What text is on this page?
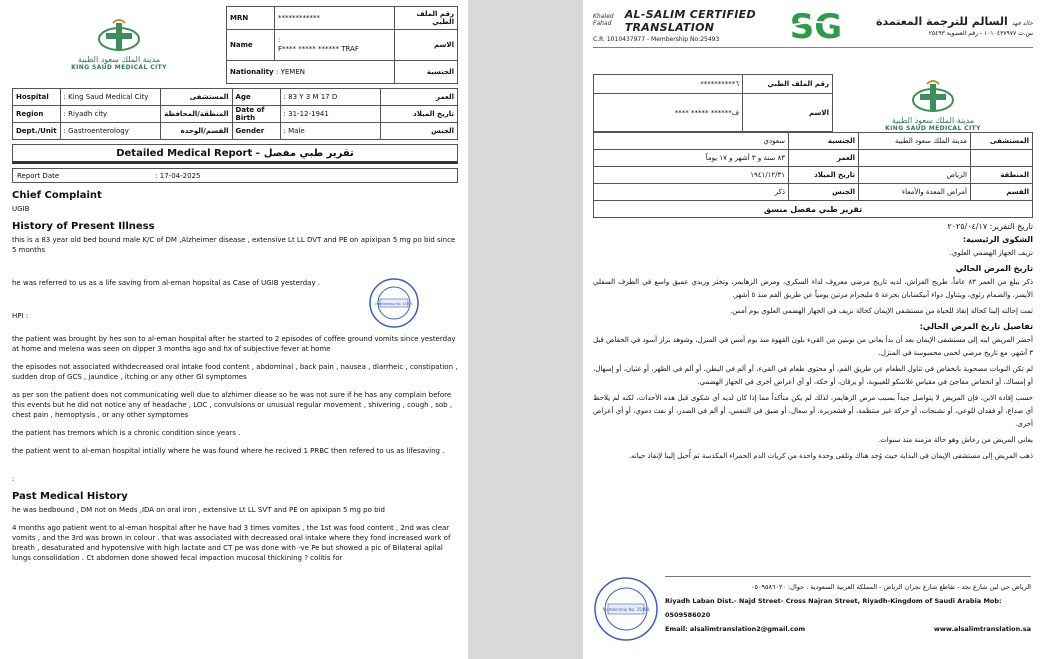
مدينة الملك سعود الطبية
KING SAUD MEDICAL CITY
MRN	************	رقم الملف الطبي
Name	:
F**** ***** ****** TRAF	الاسم
Nationality : YEMEN		الجنسية
Hospital	: King Saud Medical City	المستشفى	Age	: 83 Y 3 M 17 D	العمر
Region	: Riyadh city	المنطقة/المحافظة	Date of Birth	: 31-12-1941	تاريخ الميلاد
Dept./Unit	: Gastroenterology	القسم/الوحدة	Gender	: Male	الجنس
Detailed Medical Report - تقرير طبي مفصل
Report Date	: 17-04-2025
Chief Complaint
UGIB
History of Present Illness
this is a 83 year old bed bound male K/C of DM ,Alzheimer disease , extensive Lt LL DVT and PE on apixipan 5 mg po bid since 5 months
he was referred to us as a life saving from al-eman hopsital as Case of UGIB yesterday .
HPI :
the patient was brought by hes son to al-eman hospital after he started to 2 episodes of coffee ground vomits since yesterday at home and melena was seen on dipper 3 months ago and hx of subjective fever at home
the episodes not associated withdecreased oral intake food content , abdominal , back pain , nausea , diarrheic , constipation , sudden drop of GCS , jaundice , itching or any other GI symptomes
as per son the patient does not communicating well due to alzhimer diease so he was not sure if he has any complain before this events but he did not notice any of headache , LOC , convulsions or unusual regular movement , shivering , cough , sob , chest pain , hemoptysis , or any other symptomes
the patient has tremors which is a chronic condition since years .
the patient went to al-eman hospital intially where he was found where he recived 1 PRBC then refered to us as lifesaving .
:
Past Medical History
he was bedbound , DM not on Meds ,IDA on oral iron , extensive Lt LL SVT and PE on apixipan 5 mg po bid
4 months ago patient went to al-eman hospital after he have had 3 times vomites , the 1st was food content , 2nd was clear vomits , and the 3rd was brown in colour . that was associated with decreased oral intake where they fond increased work of breath , desaturated and hypotensive with high lactate and CT pe was done with -ve Pe but showed a pic of Bilateral apilal lungs consolidation . Ct abdomen done showed fecal impaction mucosal thickining ? colitis for
Membership No. 25493
Khaled Fahad
AL-SALIM CERTIFIED TRANSLATION
C.R. 1010437977 - Membership No:25493	SG	السالم للترجمة المعتمدة خالد فهد
س.ت ١٠١٠٤٣٧٩٧٧ - رقم العضوية ٢٥٤٩٣
رقم الملف الطبي	٦**********
الاسم	ف****** ***** ****
مدينة الملك سعود الطبية
KING SAUD MEDICAL CITY
المستشفى	مدينة الملك سعود الطبية	الجنسية	سعودي
		العمر	٨٣ سنة و ٣ أشهر و ١٧ يوماً
المنطقة	الرياض	تاريخ الميلاد	١٩٤١/١٢/٣١
القسم	أمراض المعدة والأمعاء	الجنس	ذكر
تقرير طبي مفصل منسق
تاريخ التقرير: ٢٠٢٥/٠٤/١٧
الشكوى الرئيسية:
نزيف الجهاز الهضمي العلوي.
تاريخ المرض الحالي
ذكر يبلغ من العمر ٨٣ عاماً، طريح الفراش، لديه تاريخ مرضي معروف لداء السكري، ومرض الزهايمر، وتخثر وريدي عميق واسع في الطرف السفلي الأيسر، والصمام رئوي، ويتناول دواء أبيكسابان بجرعة ٥ مليجرام مرتين يومياً عن طريق الفم منذ ٥ أشهر.
تمت إحالته إلينا كحالة إنقاذ للحياة من مستشفى الإيمان كحالة نزيف في الجهاز الهضمي العلوي يوم أمس.
تفاصيل تاريخ المرض الحالي:
أحضر المريض ابنه إلى مستشفى الإيمان بعد أن بدأ يعاني من نوبتين من القيء بلون القهوة منذ يوم أمس في المنزل، وشوهد براز أسود في الحفاض قبل ٣ أشهر، مع تاريخ مرضي لحمى محسوسة في المنزل.
لم تكن النوبات مصحوبة بانخفاض في تناول الطعام عن طريق الفم، أو محتوى طعام في القيء، أو ألم في البطن، أو ألم في الظهر، أو غثيان، أو إسهال، أو إمساك، أو انخفاض مفاجئ في مقياس غلاسكو للغيبوبة، أو يرقان، أو حكة، أو أي أعراض أخرى في الجهاز الهضمي.
حسب إفادة الابن، فإن المريض لا يتواصل جيداً بسبب مرض الزهايمر، لذلك لم يكن متأكداً مما إذا كان لديه أي شكوى قبل هذه الأحداث، لكنه لم يلاحظ أي صداع، أو فقدان للوعي، أو تشنجات، أو حركة غير منتظمة، أو قشعريرة، أو سعال، أو ضيق في التنفس، أو ألم في الصدر، أو نفث دموي، أو أي أعراض أخرى.
يعاني المريض من رعاش وهو حالة مزمنة منذ سنوات.
ذهب المريض إلى مستشفى الإيمان في البداية حيث وُجد هناك وتلقى وحدة واحدة من كريات الدم الحمراء المكدسة ثم أُحيل إلينا لإنقاذ حياته.
Membership No. 25493
الرياض حي لبن شارع نجد - تقاطع شارع نجران الرياض - المملكة العربية السعودية . جوال: ٠٥٠٩٥٨٦٠٢٠
Riyadh Laban Dist.- Najd Street- Cross Najran Street, Riyadh-Kingdom of Saudi Arabia Mob: 0509586020
Email: alsalimtranslation2@gmail.com	www.alsalimtranslation.sa
